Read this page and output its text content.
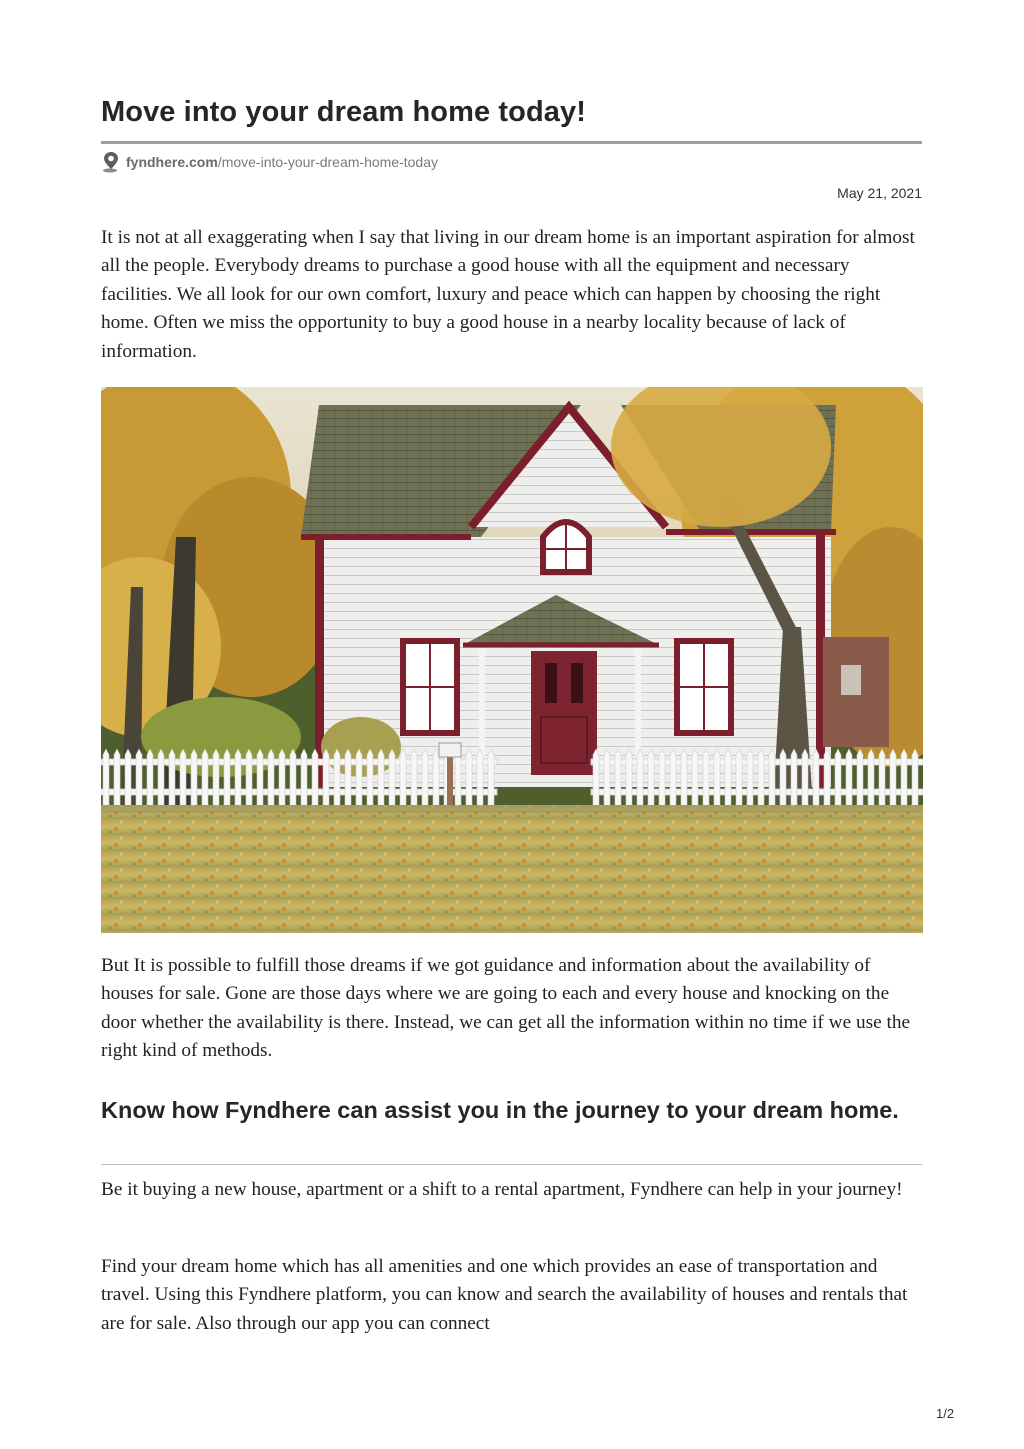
Move into your dream home today!
fyndhere.com /move-into-your-dream-home-today
May 21, 2021

It is not at all exaggerating when I say that living in our dream home is an important aspiration for almost all the people. Everybody dreams to purchase a good house with all the equipment and necessary facilities. We all look for our own comfort, luxury and peace which can happen by choosing the right home. Often we miss the opportunity to buy a good house in a nearby locality because of lack of information.

But It is possible to fulfill those dreams if we got guidance and information about the availability of houses for sale. Gone are those days where we are going to each and every house and knocking on the door whether the availability is there. Instead, we can get all the information within no time if we use the right kind of methods.

Know how Fyndhere can assist you in the journey to your dream home.

Be it buying a new house, apartment or a shift to a rental apartment, Fyndhere can help in your journey!

Find your dream home which has all amenities and one which provides an ease of transportation and travel. Using this Fyndhere platform, you can know and search the availability of houses and rentals that are for sale. Also through our app you can connect

1/2
